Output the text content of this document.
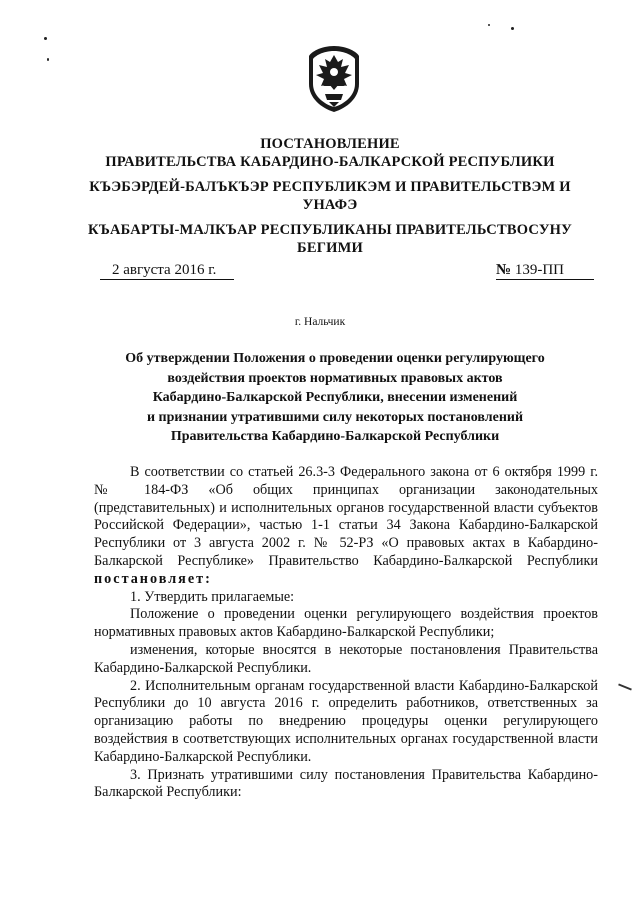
ПОСТАНОВЛЕНИЕ
ПРАВИТЕЛЬСТВА КАБАРДИНО-БАЛКАРСКОЙ РЕСПУБЛИКИ
КЪЭБЭРДЕЙ-БАЛЪКЪЭР РЕСПУБЛИКЭМ И ПРАВИТЕЛЬСТВЭМ И УНАФЭ
КЪАБАРТЫ-МАЛКЪАР РЕСПУБЛИКАНЫ ПРАВИТЕЛЬСТВОСУНУ БЕГИМИ
2 августа 2016 г.	№ 139-ПП
г. Нальчик
Об утверждении Положения о проведении оценки регулирующего
воздействия проектов нормативных правовых актов
Кабардино-Балкарской Республики, внесении изменений
и признании утратившими силу некоторых постановлений
Правительства Кабардино-Балкарской Республики

В соответствии со статьей 26.3-3 Федерального закона от 6 октября 1999 г. № 184-ФЗ «Об общих принципах организации законодательных (представительных) и исполнительных органов государственной власти субъектов Российской Федерации», частью 1-1 статьи 34 Закона Кабардино-Балкарской Республики от 3 августа 2002 г. № 52-РЗ «О правовых актах в Кабардино-Балкарской Республике» Правительство Кабардино-Балкарской Республики постановляет:

1. Утвердить прилагаемые:

Положение о проведении оценки регулирующего воздействия проектов нормативных правовых актов Кабардино-Балкарской Республики;

изменения, которые вносятся в некоторые постановления Правительства Кабардино-Балкарской Республики.

2. Исполнительным органам государственной власти Кабардино-Балкарской Республики до 10 августа 2016 г. определить работников, ответственных за организацию работы по внедрению процедуры оценки регулирующего воздействия в соответствующих исполнительных органах государственной власти Кабардино-Балкарской Республики.

3. Признать утратившими силу постановления Правительства Кабардино-Балкарской Республики:
